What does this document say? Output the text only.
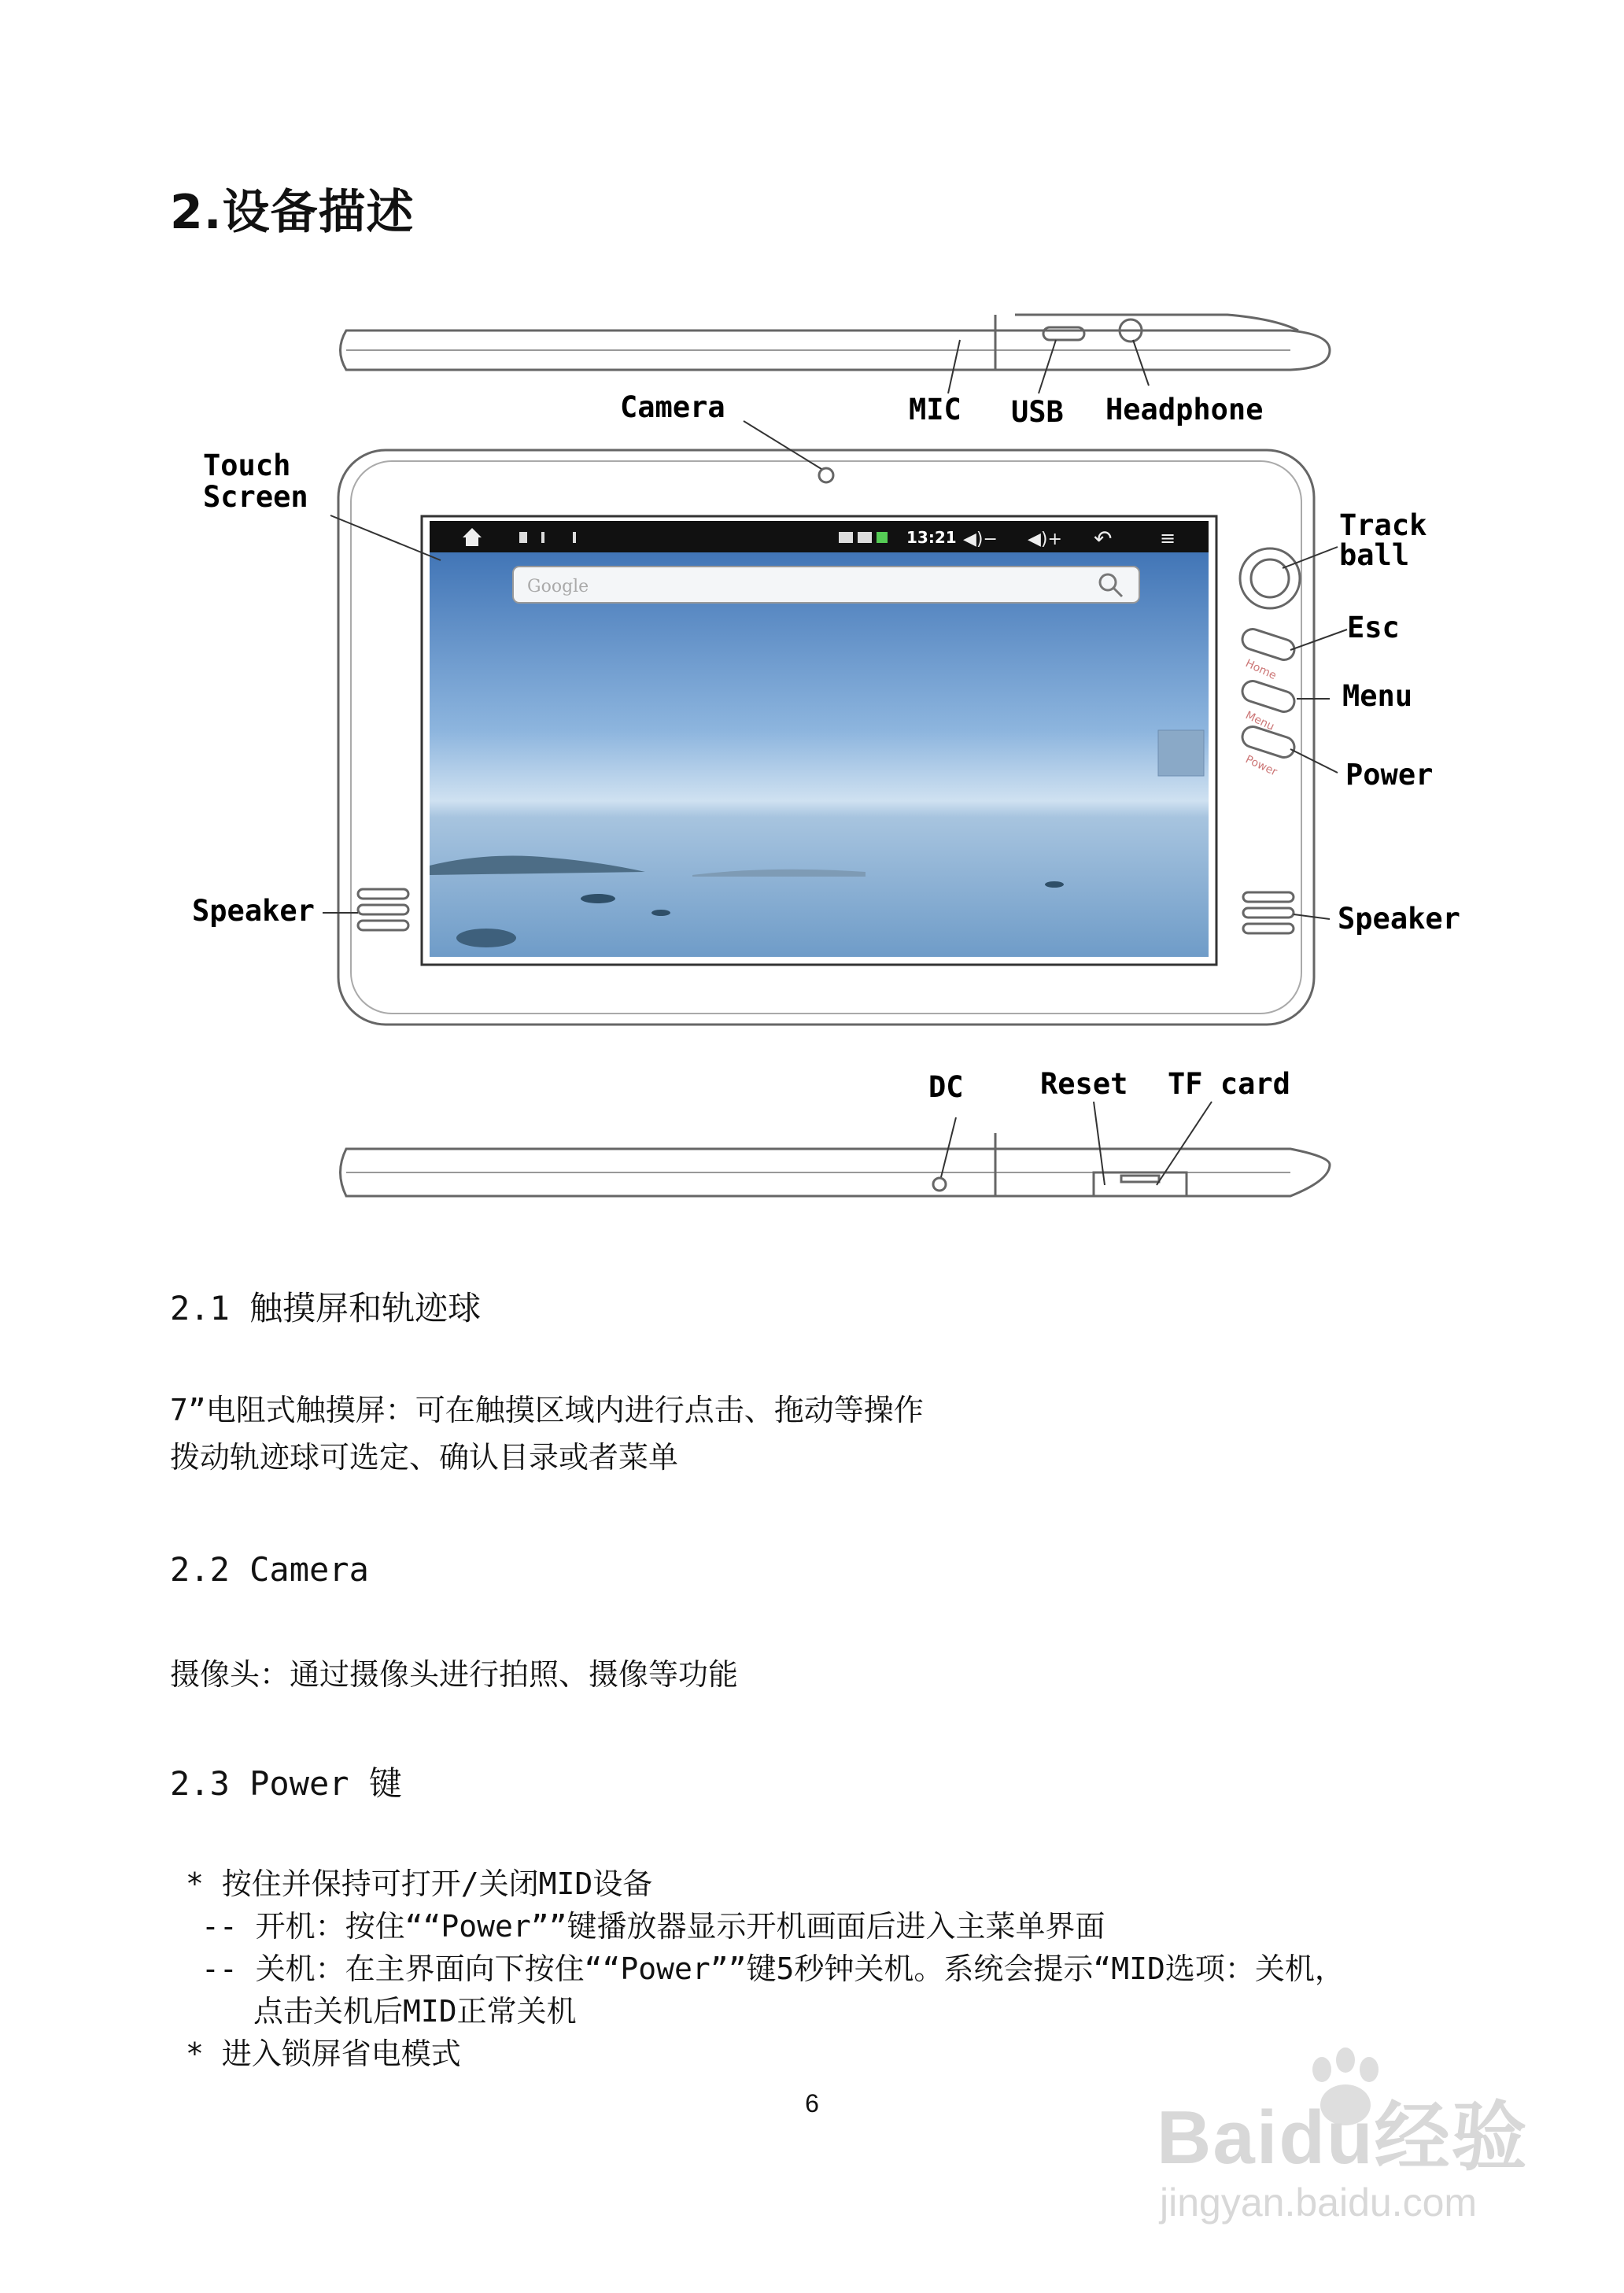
2.设备描述
13:21 ◀)− ◀)+ ↶	≡
Google
Camera	MIC USB Headphone
Touch
Screen
Track
ball
Esc
Menu
Power
Speaker	Speaker
DC	Reset TF card
Home
Menu
Power
2.1 触摸屏和轨迹球
7”电阻式触摸屏：可在触摸区域内进行点击、拖动等操作
拨动轨迹球可选定、确认目录或者菜单
2.2 Camera
摄像头：通过摄像头进行拍照、摄像等功能
2.3 Power 键
* 按住并保持可打开/关闭MID设备
-- 开机：按住““Power””键播放器显示开机画面后进入主菜单界面
-- 关机：在主界面向下按住““Power””键5秒钟关机。系统会提示“MID选项：关机，
点击关机后MID正常关机
* 进入锁屏省电模式
6	Baidu经验
jingyan.baidu.com
